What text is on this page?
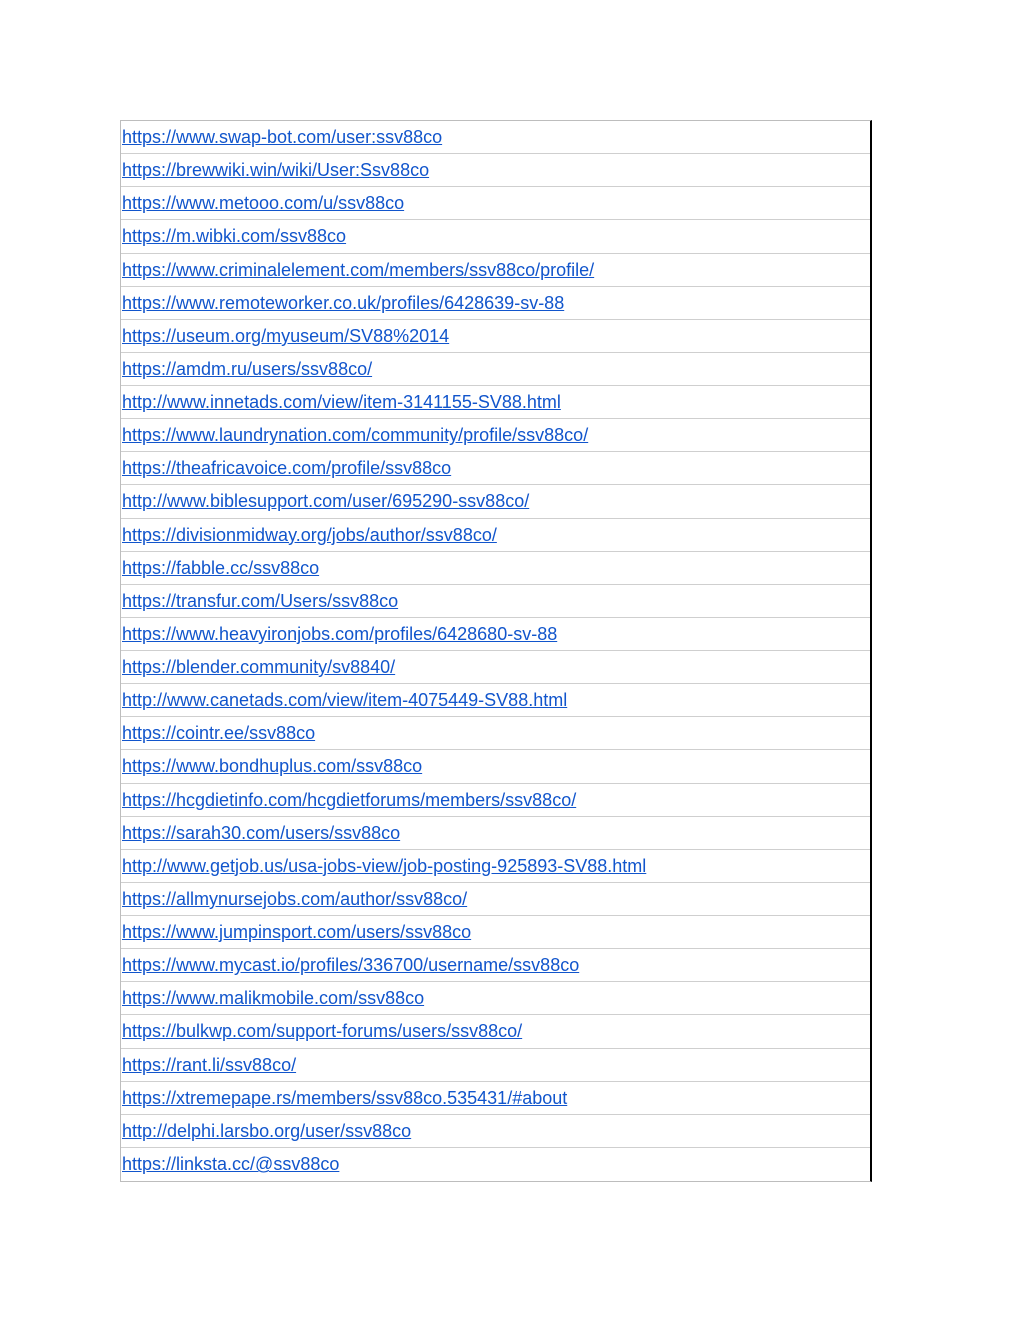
https://www.swap-bot.com/user:ssv88co
https://brewwiki.win/wiki/User:Ssv88co
https://www.metooo.com/u/ssv88co
https://m.wibki.com/ssv88co
https://www.criminalelement.com/members/ssv88co/profile/
https://www.remoteworker.co.uk/profiles/6428639-sv-88
https://useum.org/myuseum/SV88%2014
https://amdm.ru/users/ssv88co/
http://www.innetads.com/view/item-3141155-SV88.html
https://www.laundrynation.com/community/profile/ssv88co/
https://theafricavoice.com/profile/ssv88co
http://www.biblesupport.com/user/695290-ssv88co/
https://divisionmidway.org/jobs/author/ssv88co/
https://fabble.cc/ssv88co
https://transfur.com/Users/ssv88co
https://www.heavyironjobs.com/profiles/6428680-sv-88
https://blender.community/sv8840/
http://www.canetads.com/view/item-4075449-SV88.html
https://cointr.ee/ssv88co
https://www.bondhuplus.com/ssv88co
https://hcgdietinfo.com/hcgdietforums/members/ssv88co/
https://sarah30.com/users/ssv88co
http://www.getjob.us/usa-jobs-view/job-posting-925893-SV88.html
https://allmynursejobs.com/author/ssv88co/
https://www.jumpinsport.com/users/ssv88co
https://www.mycast.io/profiles/336700/username/ssv88co
https://www.malikmobile.com/ssv88co
https://bulkwp.com/support-forums/users/ssv88co/
https://rant.li/ssv88co/
https://xtremepape.rs/members/ssv88co.535431/#about
http://delphi.larsbo.org/user/ssv88co
https://linksta.cc/@ssv88co
